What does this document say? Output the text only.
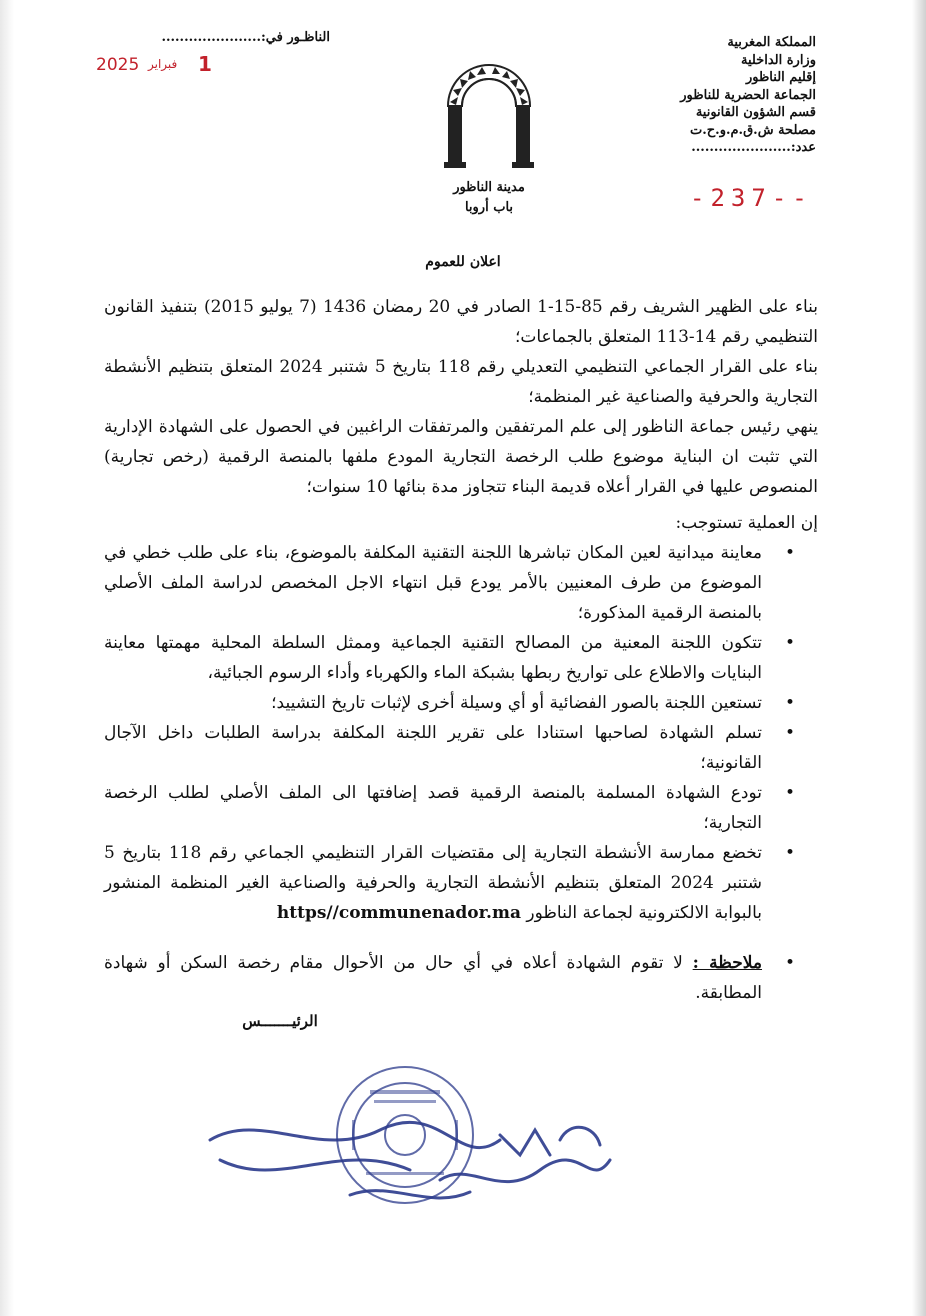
المملكة المغربية
وزارة الداخلية
إقليم الناظور
الجماعة الحضرية للناظور
قسم الشؤون القانونية
مصلحة ش.ق.م.و.ح.ت
عدد:......................
-237--
الناظـور في:......................
2025 فبراير 1
مدينة الناظور
باب أروبا
اعلان للعموم

بناء على الظهير الشريف رقم 85-15-1 الصادر في 20 رمضان 1436 (7 يوليو 2015) بتنفيذ القانون التنظيمي رقم 14-113 المتعلق بالجماعات؛

بناء على القرار الجماعي التنظيمي التعديلي رقم 118 بتاريخ 5 شتنبر 2024 المتعلق بتنظيم الأنشطة التجارية والحرفية والصناعية غير المنظمة؛

ينهي رئيس جماعة الناظور إلى علم المرتفقين والمرتفقات الراغبين في الحصول على الشهادة الإدارية التي تثبت ان البناية موضوع طلب الرخصة التجارية المودع ملفها بالمنصة الرقمية (رخص تجارية) المنصوص عليها في القرار أعلاه قديمة البناء تتجاوز مدة بنائها 10 سنوات؛

إن العملية تستوجب:

•
معاينة ميدانية لعين المكان تباشرها اللجنة التقنية المكلفة بالموضوع، بناء على طلب خطي في الموضوع من طرف المعنيين بالأمر يودع قبل انتهاء الاجل المخصص لدراسة الملف الأصلي بالمنصة الرقمية المذكورة؛
•
تتكون اللجنة المعنية من المصالح التقنية الجماعية وممثل السلطة المحلية مهمتها معاينة البنايات والاطلاع على تواريخ ربطها بشبكة الماء والكهرباء وأداء الرسوم الجبائية،
•
تستعين اللجنة بالصور الفضائية أو أي وسيلة أخرى لإثبات تاريخ التشييد؛
•
تسلم الشهادة لصاحبها استنادا على تقرير اللجنة المكلفة بدراسة الطلبات داخل الآجال القانونية؛
•
تودع الشهادة المسلمة بالمنصة الرقمية قصد إضافتها الى الملف الأصلي لطلب الرخصة التجارية؛
•
تخضع ممارسة الأنشطة التجارية إلى مقتضيات القرار التنظيمي الجماعي رقم 118 بتاريخ 5 شتنبر 2024 المتعلق بتنظيم الأنشطة التجارية والحرفية والصناعية الغير المنظمة المنشور بالبوابة الالكترونية لجماعة الناظور https//communenador.ma
•
ملاحظة : لا تقوم الشهادة أعلاه في أي حال من الأحوال مقام رخصة السكن أو شهادة المطابقة.
الرئيـــــــس
